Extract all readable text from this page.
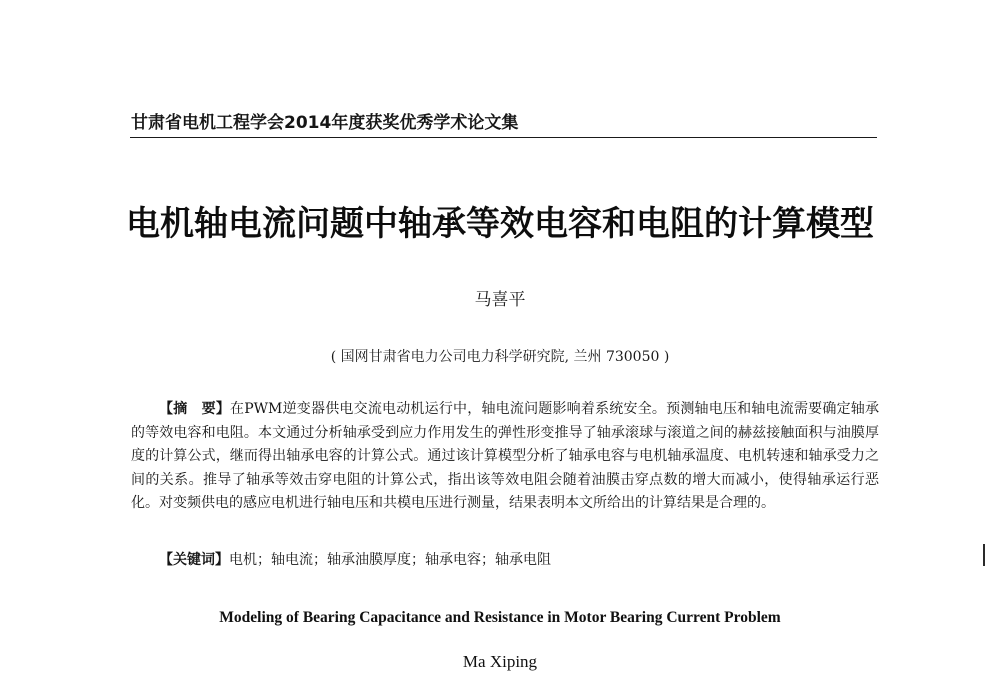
甘肃省电机工程学会2014年度获奖优秀学术论文集
电机轴电流问题中轴承等效电容和电阻的计算模型
马喜平
( 国网甘肃省电力公司电力科学研究院, 兰州 730050 )

【摘　要】在PWM逆变器供电交流电动机运行中，轴电流问题影响着系统安全。预测轴电压和轴电流需要确定轴承的等效电容和电阻。本文通过分析轴承受到应力作用发生的弹性形变推导了轴承滚球与滚道之间的赫兹接触面积与油膜厚度的计算公式，继而得出轴承电容的计算公式。通过该计算模型分析了轴承电容与电机轴承温度、电机转速和轴承受力之间的关系。推导了轴承等效击穿电阻的计算公式，指出该等效电阻会随着油膜击穿点数的增大而减小，使得轴承运行恶化。对变频供电的感应电机进行轴电压和共模电压进行测量，结果表明本文所给出的计算结果是合理的。

【关键词】电机；轴电流；轴承油膜厚度；轴承电容；轴承电阻
Modeling of Bearing Capacitance and Resistance in Motor Bearing Current Problem
Ma Xiping
